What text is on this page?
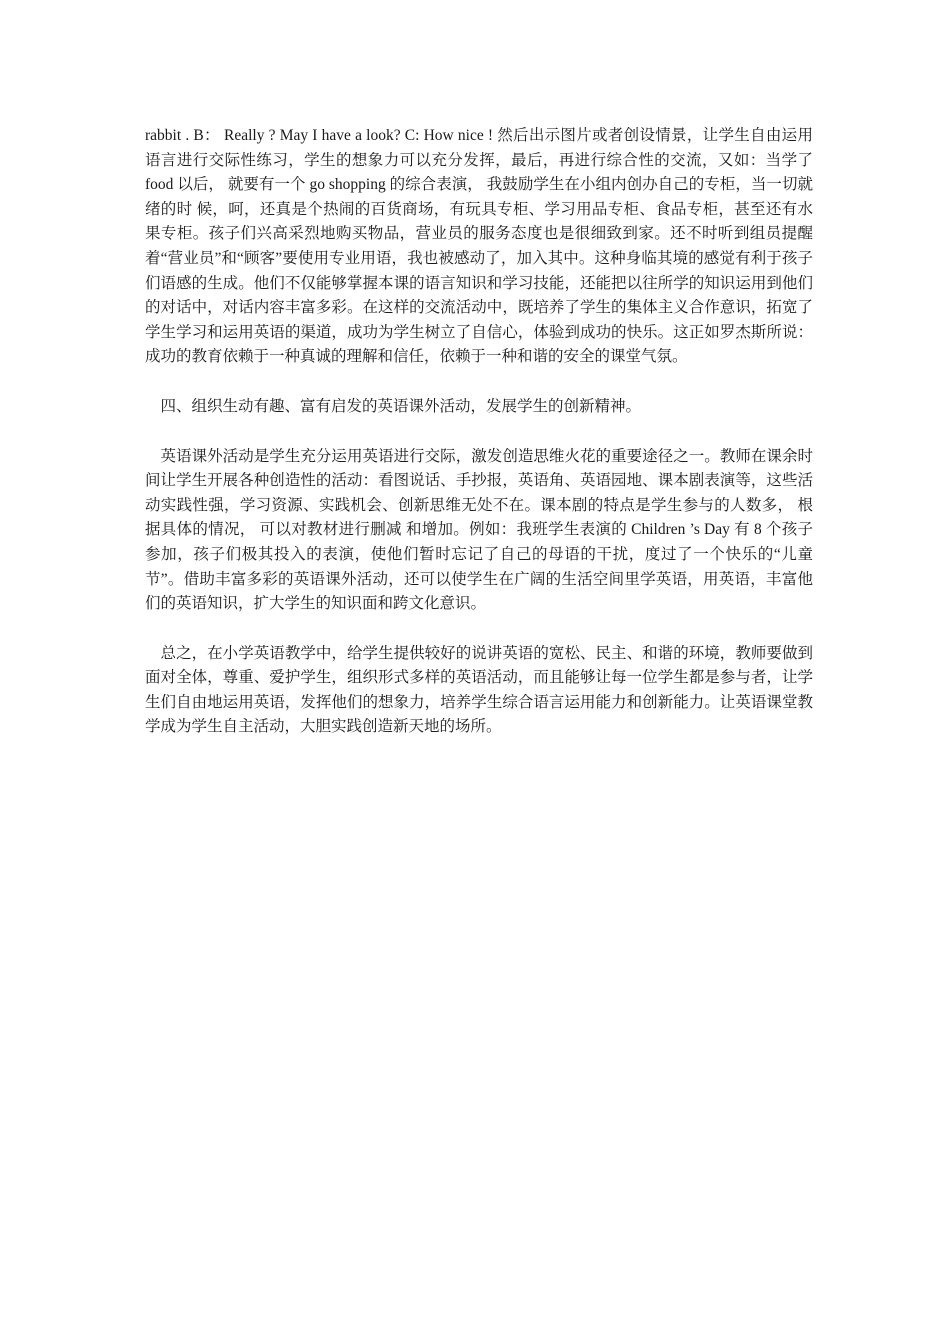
rabbit . B： Really ? May I have a look? C: How nice ! 然后出示图片或者创设情景，让学生自由运用语言进行交际性练习，学生的想象力可以充分发挥，最后，再进行综合性的交流，又如：当学了 food 以后， 就要有一个 go shopping 的综合表演， 我鼓励学生在小组内创办自己的专柜，当一切就绪的时 候，呵，还真是个热闹的百货商场，有玩具专柜、学习用品专柜、食品专柜，甚至还有水果专柜。孩子们兴高采烈地购买物品，营业员的服务态度也是很细致到家。还不时听到组员提醒着“营业员”和“顾客”要使用专业用语，我也被感动了，加入其中。这种身临其境的感觉有利于孩子们语感的生成。他们不仅能够掌握本课的语言知识和学习技能，还能把以往所学的知识运用到他们的对话中，对话内容丰富多彩。在这样的交流活动中，既培养了学生的集体主义合作意识，拓宽了学生学习和运用英语的渠道，成功为学生树立了自信心，体验到成功的快乐。这正如罗杰斯所说：成功的教育依赖于一种真诚的理解和信任，依赖于一种和谐的安全的课堂气氛。

　四、组织生动有趣、富有启发的英语课外活动，发展学生的创新精神。

　英语课外活动是学生充分运用英语进行交际，激发创造思维火花的重要途径之一。教师在课余时间让学生开展各种创造性的活动：看图说话、手抄报，英语角、英语园地、课本剧表演等，这些活动实践性强，学习资源、实践机会、创新思维无处不在。课本剧的特点是学生参与的人数多， 根据具体的情况， 可以对教材进行删减 和增加。例如：我班学生表演的 Children ’s Day 有 8 个孩子参加，孩子们极其投入的表演，使他们暂时忘记了自己的母语的干扰，度过了一个快乐的“儿童节”。借助丰富多彩的英语课外活动，还可以使学生在广阔的生活空间里学英语，用英语，丰富他们的英语知识，扩大学生的知识面和跨文化意识。

　总之，在小学英语教学中，给学生提供较好的说讲英语的宽松、民主、和谐的环境，教师要做到面对全体，尊重、爱护学生，组织形式多样的英语活动，而且能够让每一位学生都是参与者，让学生们自由地运用英语，发挥他们的想象力，培养学生综合语言运用能力和创新能力。让英语课堂教学成为学生自主活动，大胆实践创造新天地的场所。
